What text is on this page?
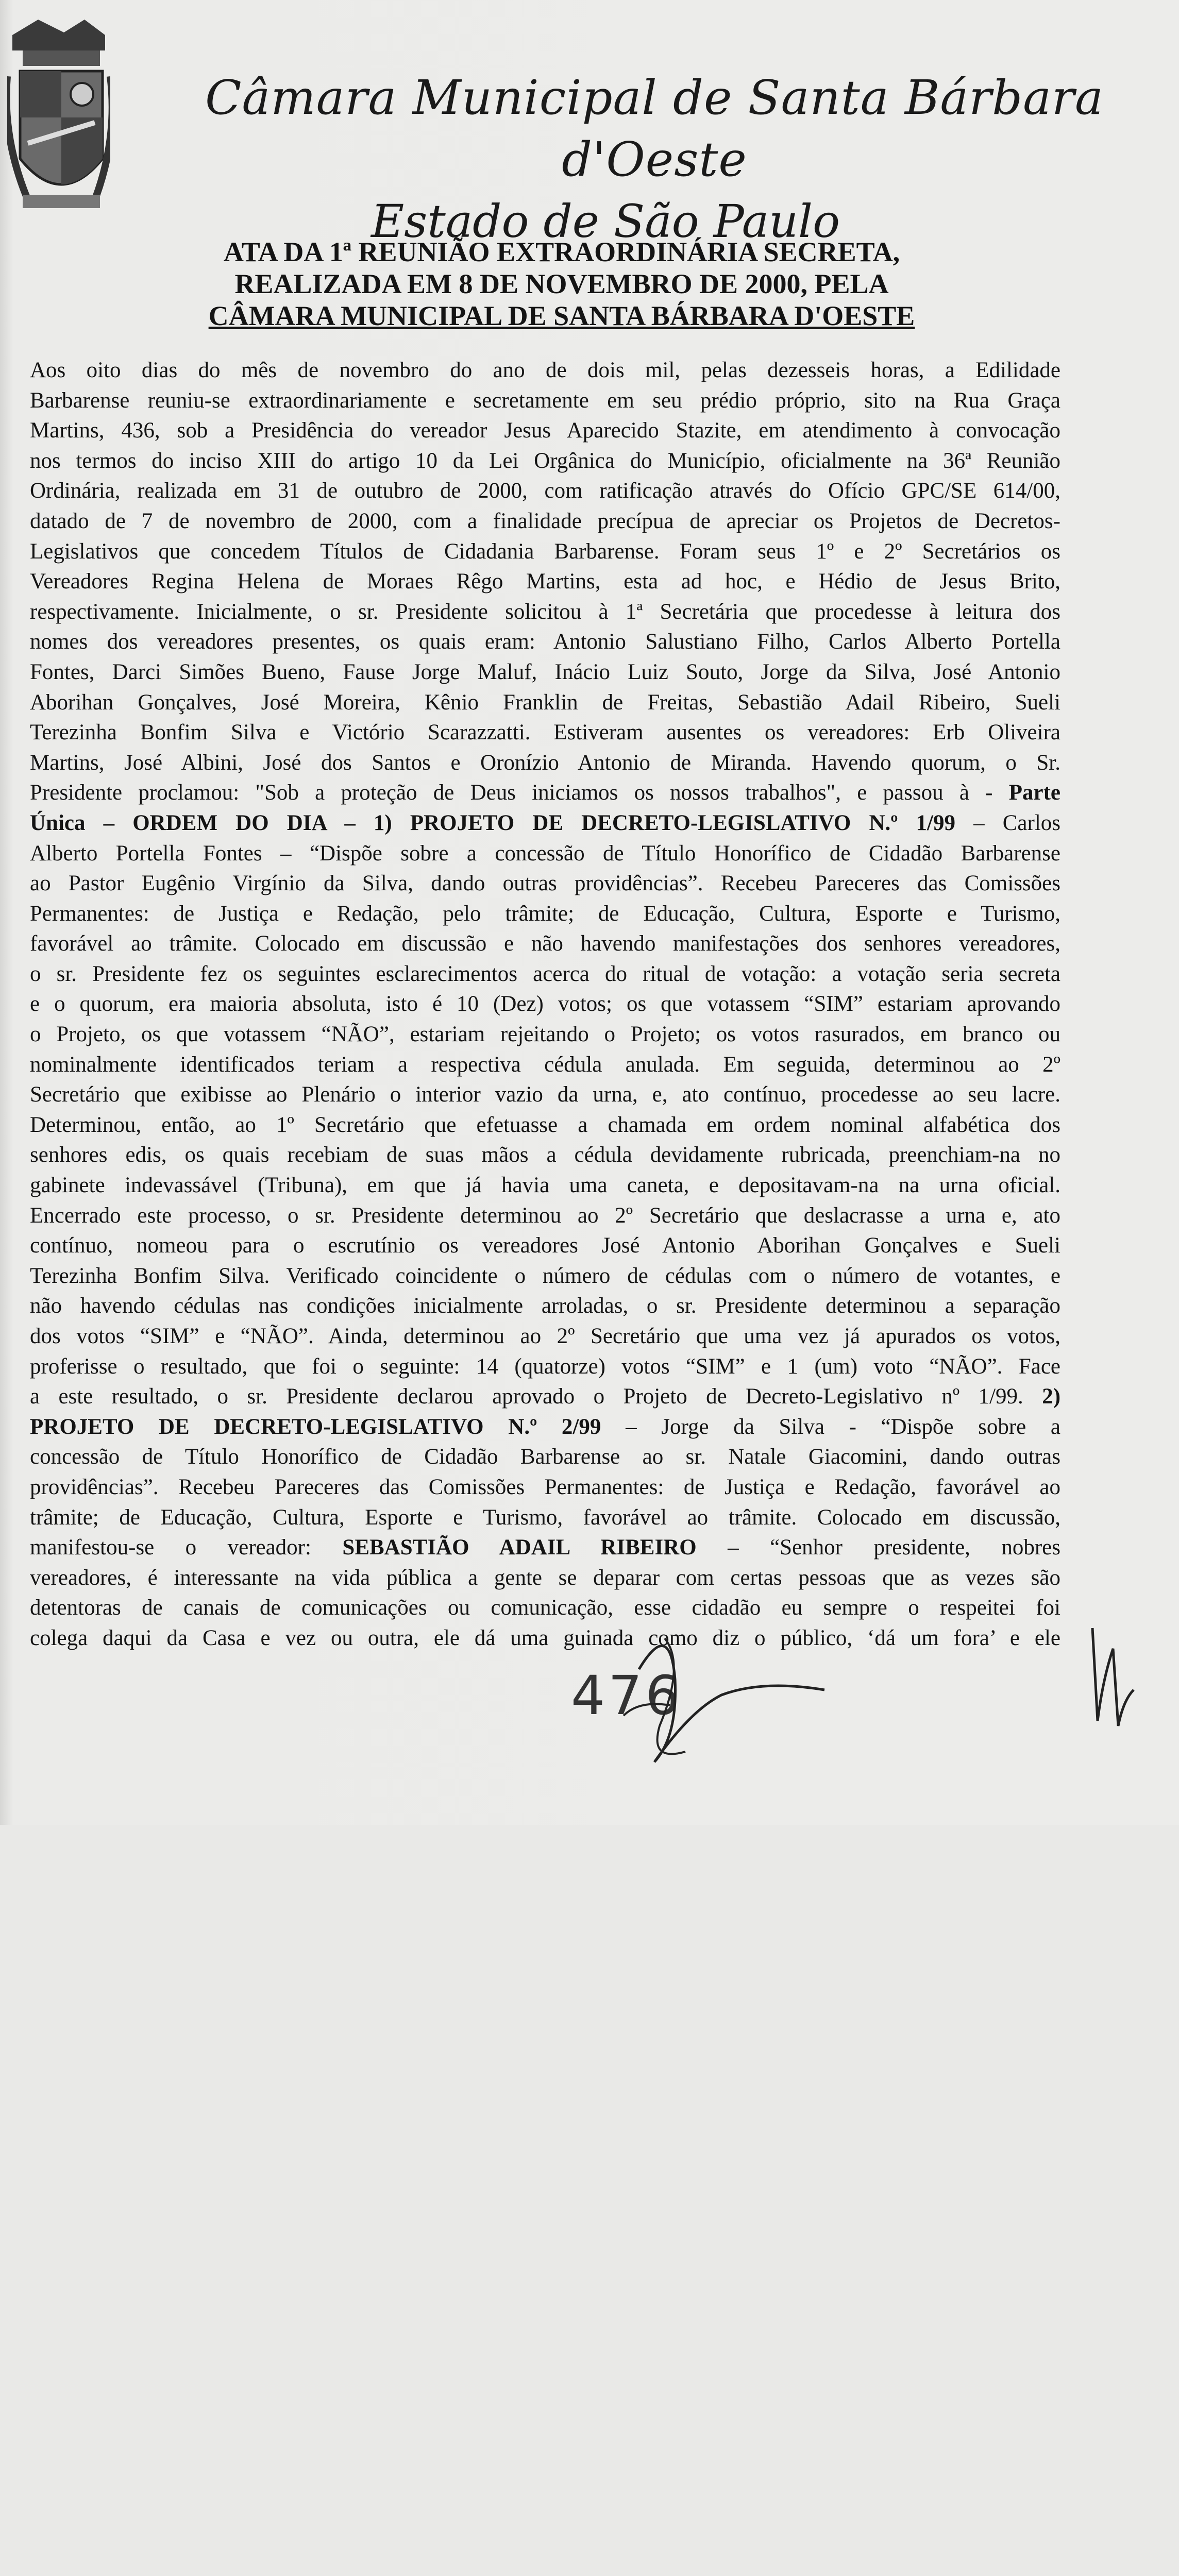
Câmara Municipal de Santa Bárbara d'Oeste
Estado de São Paulo
ATA DA 1ª REUNIÃO EXTRAORDINÁRIA SECRETA,
REALIZADA EM 8 DE NOVEMBRO DE 2000, PELA
CÂMARA MUNICIPAL DE SANTA BÁRBARA D'OESTE
Aos oito dias do mês de novembro do ano de dois mil, pelas dezesseis horas, a Edilidade
Barbarense reuniu-se extraordinariamente e secretamente em seu prédio próprio, sito na Rua Graça
Martins, 436, sob a Presidência do vereador Jesus Aparecido Stazite, em atendimento à convocação
nos termos do inciso XIII do artigo 10 da Lei Orgânica do Município, oficialmente na 36ª Reunião
Ordinária, realizada em 31 de outubro de 2000, com ratificação através do Ofício GPC/SE 614/00,
datado de 7 de novembro de 2000, com a finalidade precípua de apreciar os Projetos de Decretos-
Legislativos que concedem Títulos de Cidadania Barbarense. Foram seus 1º e 2º Secretários os
Vereadores Regina Helena de Moraes Rêgo Martins, esta ad hoc, e Hédio de Jesus Brito,
respectivamente. Inicialmente, o sr. Presidente solicitou à 1ª Secretária que procedesse à leitura dos
nomes dos vereadores presentes, os quais eram: Antonio Salustiano Filho, Carlos Alberto Portella
Fontes, Darci Simões Bueno, Fause Jorge Maluf, Inácio Luiz Souto, Jorge da Silva, José Antonio
Aborihan Gonçalves, José Moreira, Kênio Franklin de Freitas, Sebastião Adail Ribeiro, Sueli
Terezinha Bonfim Silva e Victório Scarazzatti. Estiveram ausentes os vereadores: Erb Oliveira
Martins, José Albini, José dos Santos e Oronízio Antonio de Miranda. Havendo quorum, o Sr.
Presidente proclamou: "Sob a proteção de Deus iniciamos os nossos trabalhos", e passou à - Parte
Única – ORDEM DO DIA – 1) PROJETO DE DECRETO-LEGISLATIVO N.º 1/99 – Carlos
Alberto Portella Fontes – “Dispõe sobre a concessão de Título Honorífico de Cidadão Barbarense
ao Pastor Eugênio Virgínio da Silva, dando outras providências”. Recebeu Pareceres das Comissões
Permanentes: de Justiça e Redação, pelo trâmite; de Educação, Cultura, Esporte e Turismo,
favorável ao trâmite. Colocado em discussão e não havendo manifestações dos senhores vereadores,
o sr. Presidente fez os seguintes esclarecimentos acerca do ritual de votação: a votação seria secreta
e o quorum, era maioria absoluta, isto é 10 (Dez) votos; os que votassem “SIM” estariam aprovando
o Projeto, os que votassem “NÃO”, estariam rejeitando o Projeto; os votos rasurados, em branco ou
nominalmente identificados teriam a respectiva cédula anulada. Em seguida, determinou ao 2º
Secretário que exibisse ao Plenário o interior vazio da urna, e, ato contínuo, procedesse ao seu lacre.
Determinou, então, ao 1º Secretário que efetuasse a chamada em ordem nominal alfabética dos
senhores edis, os quais recebiam de suas mãos a cédula devidamente rubricada, preenchiam-na no
gabinete indevassável (Tribuna), em que já havia uma caneta, e depositavam-na na urna oficial.
Encerrado este processo, o sr. Presidente determinou ao 2º Secretário que deslacrasse a urna e, ato
contínuo, nomeou para o escrutínio os vereadores José Antonio Aborihan Gonçalves e Sueli
Terezinha Bonfim Silva. Verificado coincidente o número de cédulas com o número de votantes, e
não havendo cédulas nas condições inicialmente arroladas, o sr. Presidente determinou a separação
dos votos “SIM” e “NÃO”. Ainda, determinou ao 2º Secretário que uma vez já apurados os votos,
proferisse o resultado, que foi o seguinte: 14 (quatorze) votos “SIM” e 1 (um) voto “NÃO”. Face
a este resultado, o sr. Presidente declarou aprovado o Projeto de Decreto-Legislativo nº 1/99. 2)
PROJETO DE DECRETO-LEGISLATIVO N.º 2/99 – Jorge da Silva - “Dispõe sobre a
concessão de Título Honorífico de Cidadão Barbarense ao sr. Natale Giacomini, dando outras
providências”. Recebeu Pareceres das Comissões Permanentes: de Justiça e Redação, favorável ao
trâmite; de Educação, Cultura, Esporte e Turismo, favorável ao trâmite. Colocado em discussão,
manifestou-se o vereador: SEBASTIÃO ADAIL RIBEIRO – “Senhor presidente, nobres
vereadores, é interessante na vida pública a gente se deparar com certas pessoas que as vezes são
detentoras de canais de comunicações ou comunicação, esse cidadão eu sempre o respeitei foi
colega daqui da Casa e vez ou outra, ele dá uma guinada como diz o público, ‘dá um fora’ e ele
476
